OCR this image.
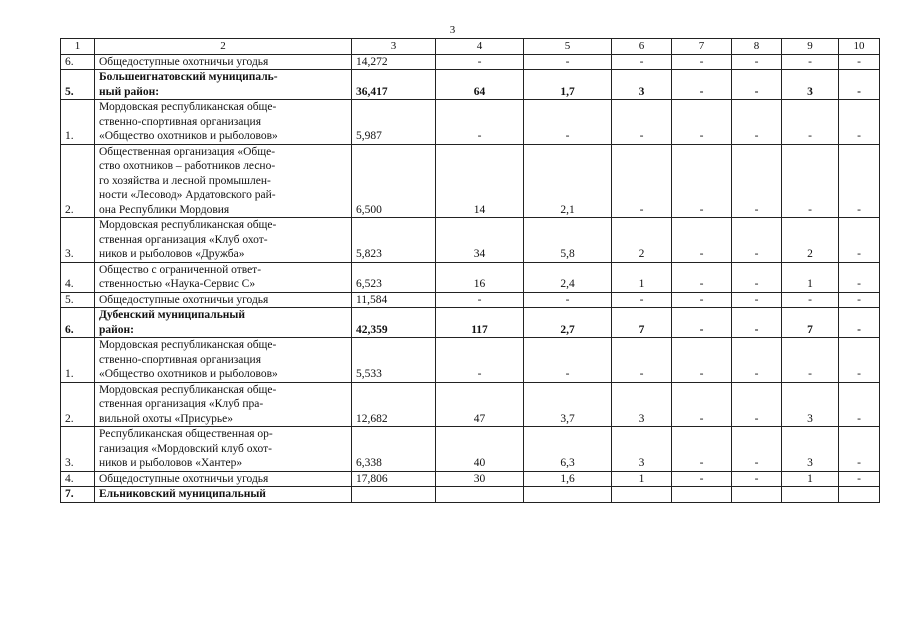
3
1	2	3	4	5	6	7	8	9	10
6.	Общедоступные охотничьи угодья	14,272	-	-	-	-	-	-	-
5.	Большеигнатовский муниципаль-
ный район:	36,417	64	1,7	3	-	-	3	-
1.	Мордовская республиканская обще-
ственно-спортивная организация
«Общество охотников и рыболовов»	5,987	-	-	-	-	-	-	-
2.	Общественная организация «Обще-
ство охотников – работников лесно-
го хозяйства и лесной промышлен-
ности «Лесовод» Ардатовского рай-
она Республики Мордовия	6,500	14	2,1	-	-	-	-	-
3.	Мордовская республиканская обще-
ственная организация «Клуб охот-
ников и рыболовов «Дружба»	5,823	34	5,8	2	-	-	2	-
4.	Общество с ограниченной ответ-
ственностью «Наука-Сервис С»	6,523	16	2,4	1	-	-	1	-
5.	Общедоступные охотничьи угодья	11,584	-	-	-	-	-	-	-
6.	Дубенский муниципальный
район:	42,359	117	2,7	7	-	-	7	-
1.	Мордовская республиканская обще-
ственно-спортивная организация
«Общество охотников и рыболовов»	5,533	-	-	-	-	-	-	-
2.	Мордовская республиканская обще-
ственная организация «Клуб пра-
вильной охоты «Присурье»	12,682	47	3,7	3	-	-	3	-
3.	Республиканская общественная ор-
ганизация «Мордовский клуб охот-
ников и рыболовов «Хантер»	6,338	40	6,3	3	-	-	3	-
4.	Общедоступные охотничьи угодья	17,806	30	1,6	1	-	-	1	-
7.	Ельниковский муниципальный								
